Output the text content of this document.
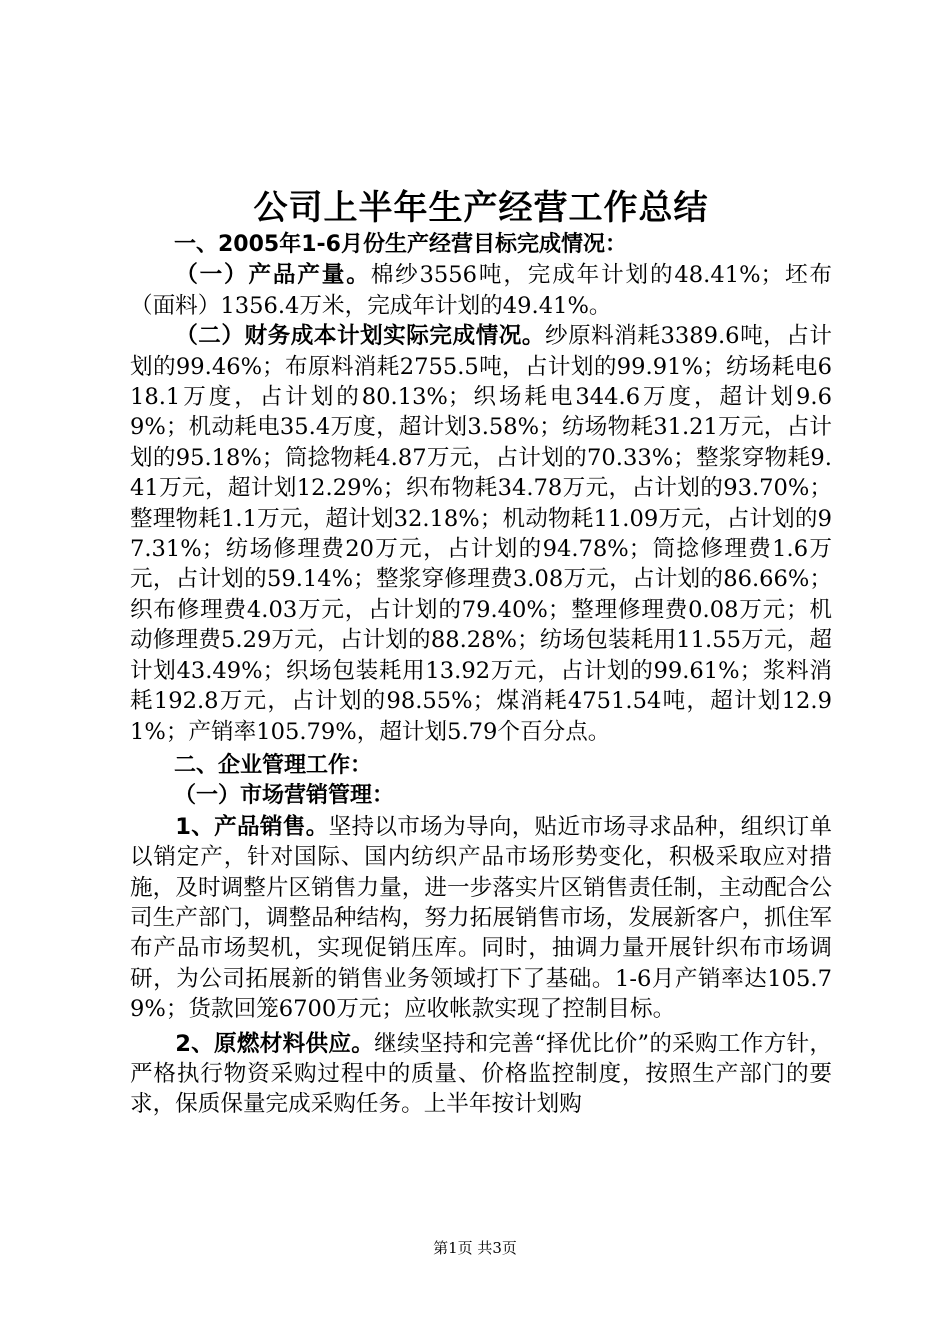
公司上半年生产经营工作总结

一、2005年1-6月份生产经营目标完成情况：

（一）产品产量。棉纱3556吨，完成年计划的48.41%；坯布（面料）1356.4万米，完成年计划的49.41%。

（二）财务成本计划实际完成情况。纱原料消耗3389.6吨，占计划的99.46%；布原料消耗2755.5吨，占计划的99.91%；纺场耗电618.1万度，占计划的80.13%；织场耗电344.6万度，超计划9.69%；机动耗电35.4万度，超计划3.58%；纺场物耗31.21万元，占计划的95.18%；筒捻物耗4.87万元，占计划的70.33%；整浆穿物耗9.41万元，超计划12.29%；织布物耗34.78万元，占计划的93.70%；整理物耗1.1万元，超计划32.18%；机动物耗11.09万元，占计划的97.31%；纺场修理费20万元，占计划的94.78%；筒捻修理费1.6万元，占计划的59.14%；整浆穿修理费3.08万元，占计划的86.66%；织布修理费4.03万元，占计划的79.40%；整理修理费0.08万元；机动修理费5.29万元，占计划的88.28%；纺场包装耗用11.55万元，超计划43.49%；织场包装耗用13.92万元，占计划的99.61%；浆料消耗192.8万元，占计划的98.55%；煤消耗4751.54吨，超计划12.91%；产销率105.79%，超计划5.79个百分点。

二、企业管理工作：

（一）市场营销管理：

1、产品销售。坚持以市场为导向，贴近市场寻求品种，组织订单以销定产，针对国际、国内纺织产品市场形势变化，积极采取应对措施，及时调整片区销售力量，进一步落实片区销售责任制，主动配合公司生产部门，调整品种结构，努力拓展销售市场，发展新客户，抓住军布产品市场契机，实现促销压库。同时，抽调力量开展针织布市场调研，为公司拓展新的销售业务领域打下了基础。1-6月产销率达105.79%；货款回笼6700万元；应收帐款实现了控制目标。

2、原燃材料供应。继续坚持和完善“择优比价”的采购工作方针，严格执行物资采购过程中的质量、价格监控制度，按照生产部门的要求，保质保量完成采购任务。上半年按计划购

第1页 共3页
